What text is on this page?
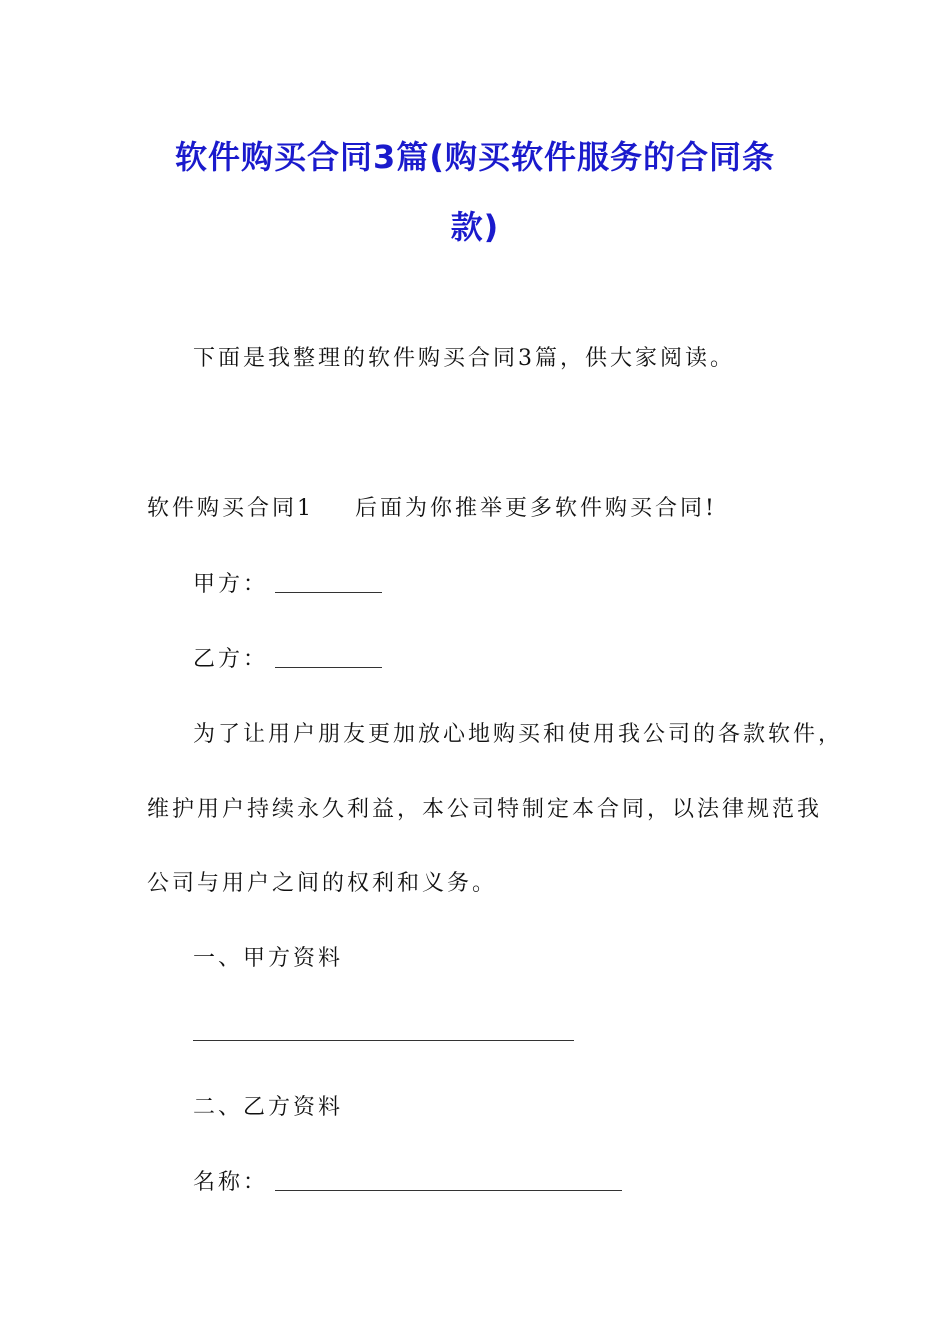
软件购买合同3篇(购买软件服务的合同条
款)
下面是我整理的软件购买合同3篇，供大家阅读。
软件购买合同1 后面为你推举更多软件购买合同!
甲方：
乙方：
为了让用户朋友更加放心地购买和使用我公司的各款软件，
维护用户持续永久利益，本公司特制定本合同，以法律规范我
公司与用户之间的权利和义务。
一、甲方资料
二、乙方资料
名称：
